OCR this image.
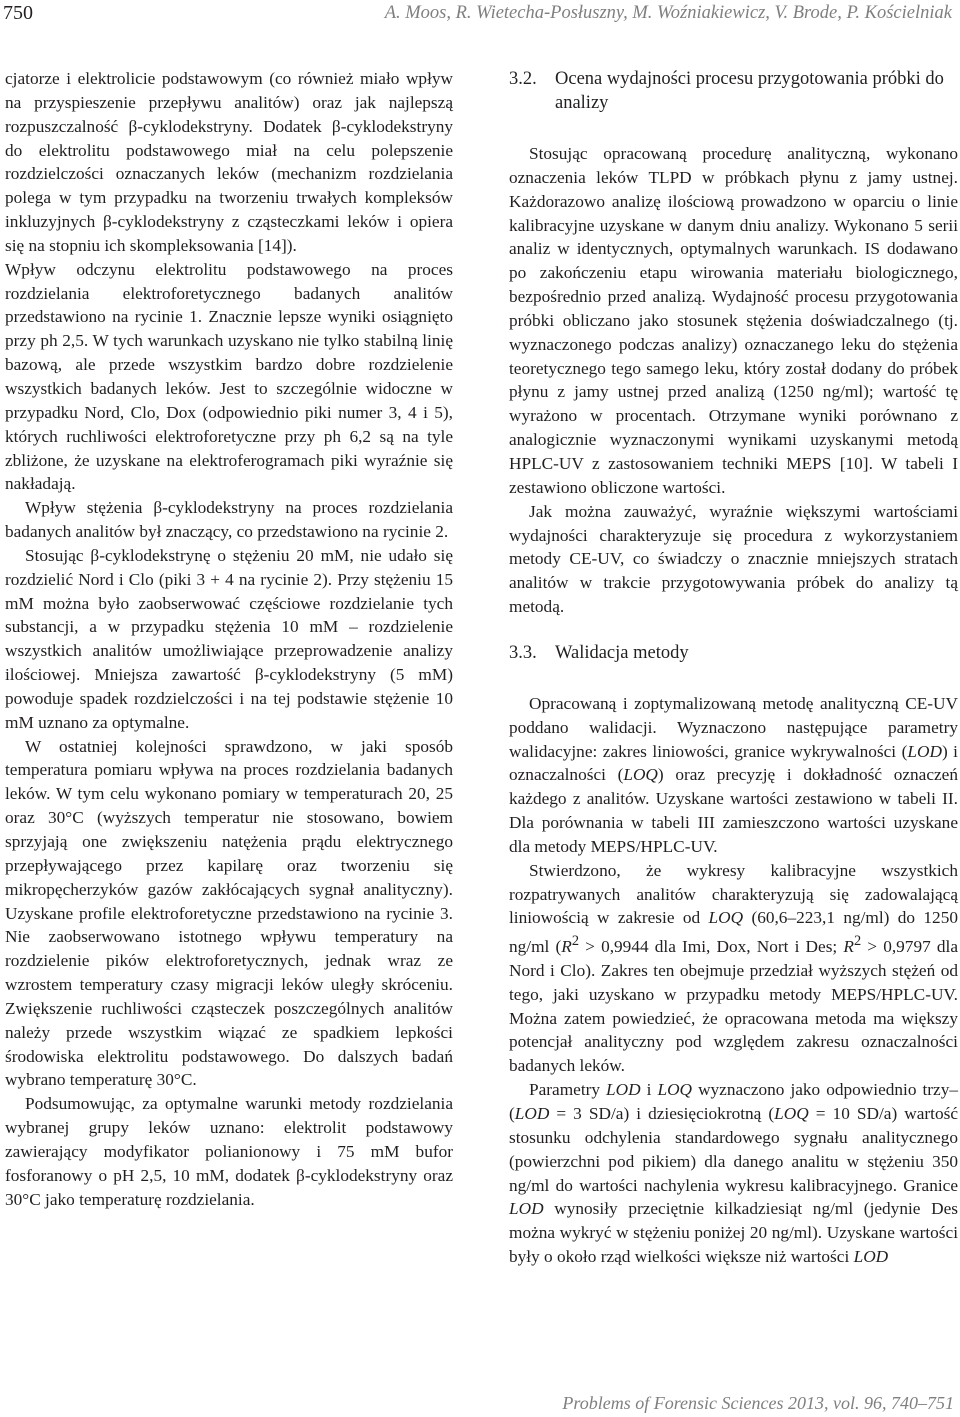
750	A. Moos, R. Wietecha-Posłuszny, M. Woźniakiewicz, V. Brode, P. Kościelniak

cjatorze i elektrolicie podstawowym (co również miało wpływ na przyspieszenie przepływu analitów) oraz jak najlepszą rozpuszczalność β-cyklodekstryny. Dodatek β-cyklodekstryny do elektrolitu podstawowego miał na celu polepszenie rozdzielczości oznaczanych leków (mechanizm rozdzielania polega w tym przypadku na tworzeniu trwałych kompleksów inkluzyjnych β-cyklodekstryny z cząsteczkami leków i opiera się na stopniu ich skompleksowania [14]).

Wpływ odczynu elektrolitu podstawowego na proces rozdzielania elektroforetycznego badanych analitów przedstawiono na rycinie 1. Znacznie lepsze wyniki osiągnięto przy ph 2,5. W tych warunkach uzyskano nie tylko stabilną linię bazową, ale przede wszystkim bardzo dobre rozdzielenie wszystkich badanych leków. Jest to szczególnie widoczne w przypadku Nord, Clo, Dox (odpowiednio piki numer 3, 4 i 5), których ruchliwości elektroforetyczne przy ph 6,2 są na tyle zbliżone, że uzyskane na elektroferogramach piki wyraźnie się nakładają.

Wpływ stężenia β-cyklodekstryny na proces rozdzielania badanych analitów był znaczący, co przedstawiono na rycinie 2.

Stosując β-cyklodekstrynę o stężeniu 20 mM, nie udało się rozdzielić Nord i Clo (piki 3 + 4 na rycinie 2). Przy stężeniu 15 mM można było zaobserwować częściowe rozdzielanie tych substancji, a w przypadku stężenia 10 mM – rozdzielenie wszystkich analitów umożliwiające przeprowadzenie analizy ilościowej. Mniejsza zawartość β-cyklodekstryny (5 mM) powoduje spadek rozdzielczości i na tej podstawie stężenie 10 mM uznano za optymalne.

W ostatniej kolejności sprawdzono, w jaki sposób temperatura pomiaru wpływa na proces rozdzielania badanych leków. W tym celu wykonano pomiary w temperaturach 20, 25 oraz 30°C (wyższych temperatur nie stosowano, bowiem sprzyjają one zwiększeniu natężenia prądu elektrycznego przepływającego przez kapilarę oraz tworzeniu się mikropęcherzyków gazów zakłócających sygnał analityczny). Uzyskane profile elektroforetyczne przedstawiono na rycinie 3. Nie zaobserwowano istotnego wpływu temperatury na rozdzielenie pików elektroforetycznych, jednak wraz ze wzrostem temperatury czasy migracji leków uległy skróceniu. Zwiększenie ruchliwości cząsteczek poszczególnych analitów należy przede wszystkim wiązać ze spadkiem lepkości środowiska elektrolitu podstawowego. Do dalszych badań wybrano temperaturę 30°C.

Podsumowując, za optymalne warunki metody rozdzielania wybranej grupy leków uznano: elektrolit podstawowy zawierający modyfikator polianionowy i 75 mM bufor fosforanowy o pH 2,5, 10 mM, dodatek β-cyklodekstryny oraz 30°C jako temperaturę rozdzielania.

3.2. Ocena wydajności procesu przygotowania próbki do analizy

Stosując opracowaną procedurę analityczną, wykonano oznaczenia leków TLPD w próbkach płynu z jamy ustnej. Każdorazowo analizę ilościową prowadzono w oparciu o linie kalibracyjne uzyskane w danym dniu analizy. Wykonano 5 serii analiz w identycznych, optymalnych warunkach. IS dodawano po zakończeniu etapu wirowania materiału biologicznego, bezpośrednio przed analizą. Wydajność procesu przygotowania próbki obliczano jako stosunek stężenia doświadczalnego (tj. wyznaczonego podczas analizy) oznaczanego leku do stężenia teoretycznego tego samego leku, który został dodany do próbek płynu z jamy ustnej przed analizą (1250 ng/ml); wartość tę wyrażono w procentach. Otrzymane wyniki porównano z analogicznie wyznaczonymi wynikami uzyskanymi metodą HPLC-UV z zastosowaniem techniki MEPS [10]. W tabeli I zestawiono obliczone wartości.

Jak można zauważyć, wyraźnie większymi wartościami wydajności charakteryzuje się procedura z wykorzystaniem metody CE-UV, co świadczy o znacznie mniejszych stratach analitów w trakcie przygotowywania próbek do analizy tą metodą.

3.3. Walidacja metody

Opracowaną i zoptymalizowaną metodę analityczną CE-UV poddano walidacji. Wyznaczono następujące parametry walidacyjne: zakres liniowości, granice wykrywalności (LOD) i oznaczalności (LOQ) oraz precyzję i dokładność oznaczeń każdego z analitów. Uzyskane wartości zestawiono w tabeli II. Dla porównania w tabeli III zamieszczono wartości uzyskane dla metody MEPS/HPLC-UV.

Stwierdzono, że wykresy kalibracyjne wszystkich rozpatrywanych analitów charakteryzują się zadowalającą liniowością w zakresie od LOQ (60,6–223,1 ng/ml) do 1250 ng/ml ($R^2 > 0,9944$ dla Imi, Dox, Nort i Des; $R^2 > 0,9797$ dla Nord i Clo). Zakres ten obejmuje przedział wyższych stężeń od tego, jaki uzyskano w przypadku metody MEPS/HPLC-UV. Można zatem powiedzieć, że opracowana metoda ma większy potencjał analityczny pod względem zakresu oznaczalności badanych leków.

Parametry LOD i LOQ wyznaczono jako odpowiednio trzy– (LOD = 3 SD/a) i dziesięciokrotną (LOQ = 10 SD/a) wartość stosunku odchylenia standardowego sygnału analitycznego (powierzchni pod pikiem) dla danego analitu w stężeniu 350 ng/ml do wartości nachylenia wykresu kalibracyjnego. Granice LOD wynosiły przeciętnie kilkadziesiąt ng/ml (jedynie Des można wykryć w stężeniu poniżej 20 ng/ml). Uzyskane wartości były o około rząd wielkości większe niż wartości LOD

Problems of Forensic Sciences 2013, vol. 96, 740–751
